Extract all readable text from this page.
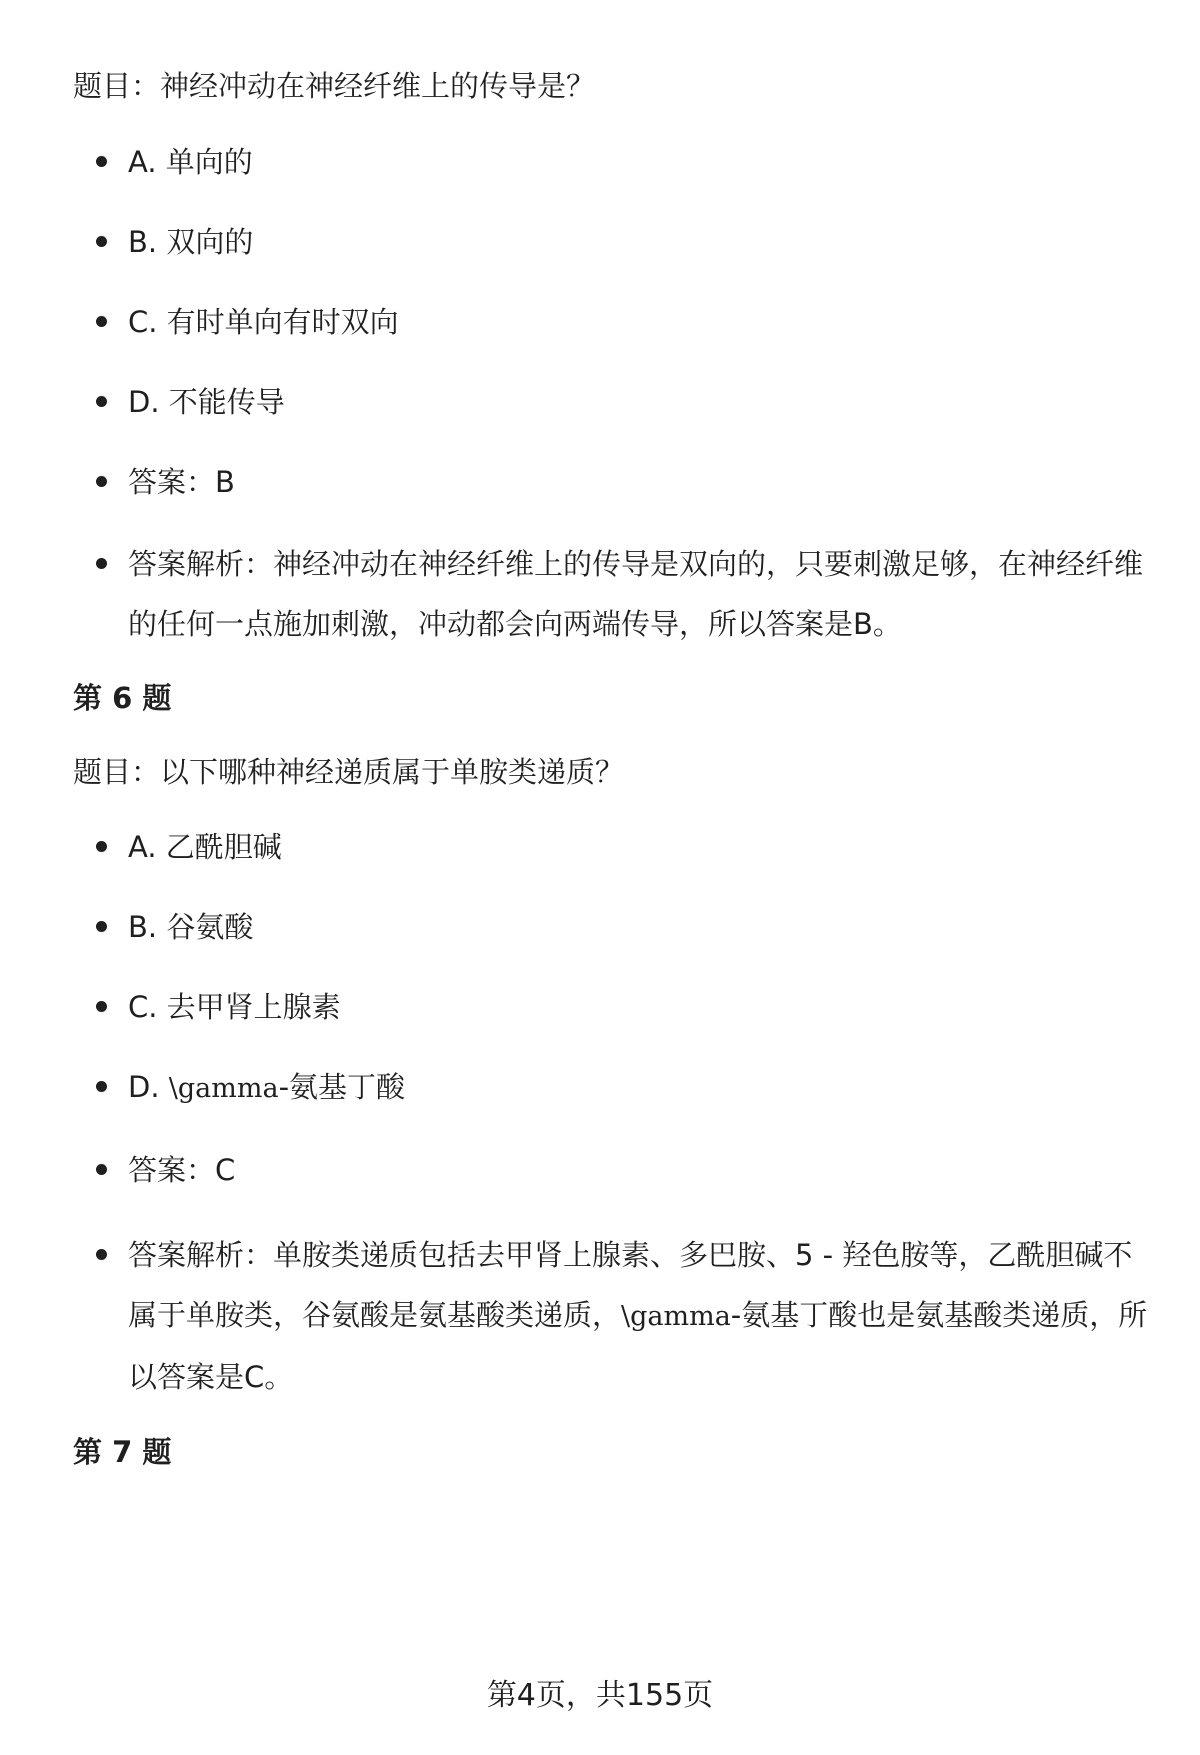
题目：神经冲动在神经纤维上的传导是？
A. 单向的
B. 双向的
C. 有时单向有时双向
D. 不能传导
答案：B
答案解析：神经冲动在神经纤维上的传导是双向的，只要刺激足够，在神经纤维的任何一点施加刺激，冲动都会向两端传导，所以答案是B。
第 6 题
题目：以下哪种神经递质属于单胺类递质？
A. 乙酰胆碱
B. 谷氨酸
C. 去甲肾上腺素
D. \gamma-氨基丁酸
答案：C
答案解析：单胺类递质包括去甲肾上腺素、多巴胺、5 - 羟色胺等，乙酰胆碱不属于单胺类，谷氨酸是氨基酸类递质，\gamma-氨基丁酸也是氨基酸类递质，所以答案是C。
第 7 题
第4页，共155页
